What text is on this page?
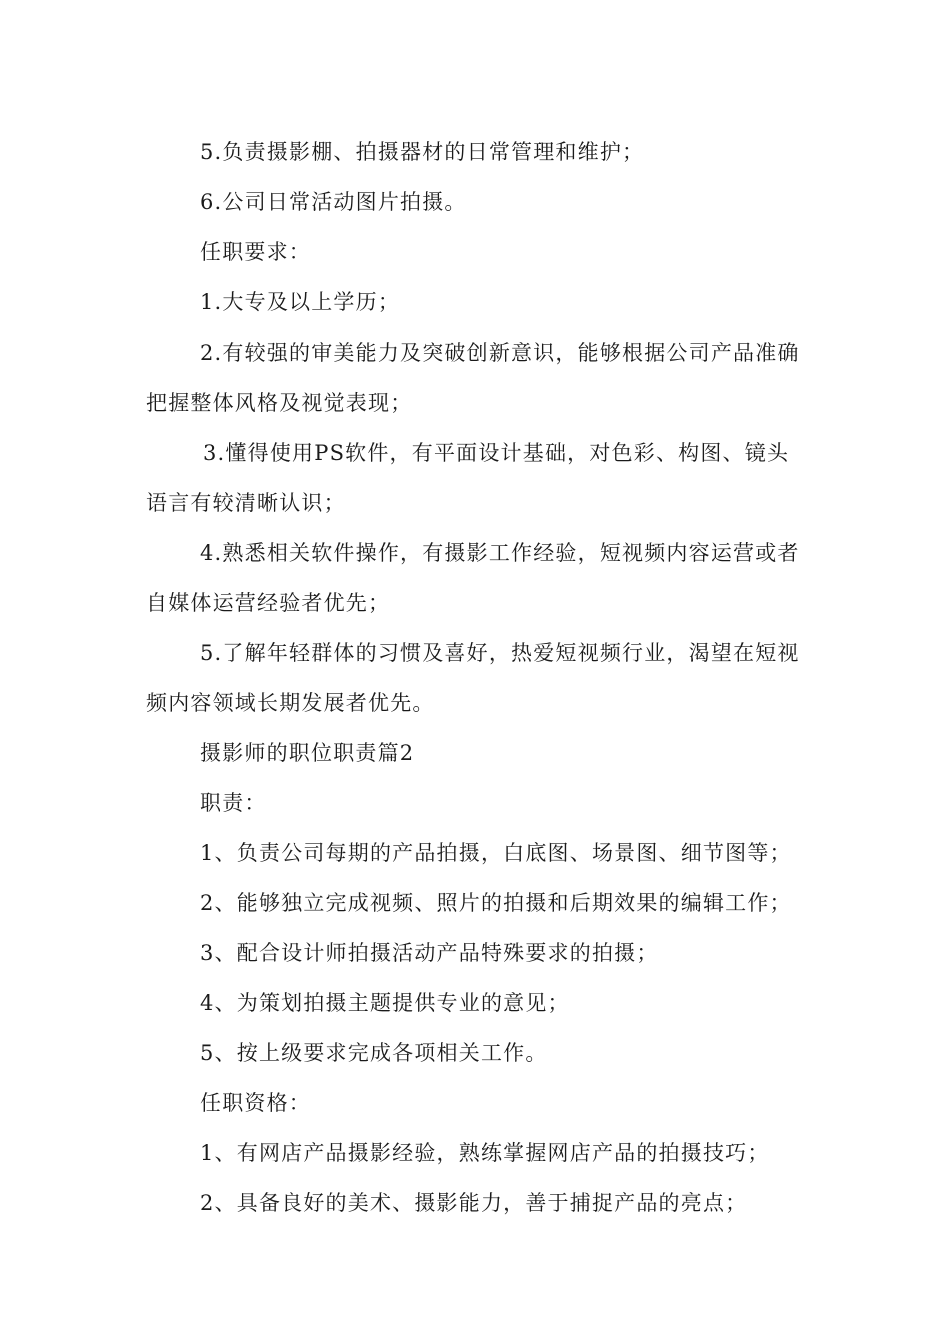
5.负责摄影棚、拍摄器材的日常管理和维护；
6.公司日常活动图片拍摄。
任职要求：
1.大专及以上学历；
2.有较强的审美能力及突破创新意识，能够根据公司产品准确
把握整体风格及视觉表现；
3.懂得使用PS软件，有平面设计基础，对色彩、构图、镜头
语言有较清晰认识；
4.熟悉相关软件操作，有摄影工作经验，短视频内容运营或者
自媒体运营经验者优先；
5.了解年轻群体的习惯及喜好，热爱短视频行业，渴望在短视
频内容领域长期发展者优先。
摄影师的职位职责篇2
职责：
1、负责公司每期的产品拍摄，白底图、场景图、细节图等；
2、能够独立完成视频、照片的拍摄和后期效果的编辑工作；
3、配合设计师拍摄活动产品特殊要求的拍摄；
4、为策划拍摄主题提供专业的意见；
5、按上级要求完成各项相关工作。
任职资格：
1、有网店产品摄影经验，熟练掌握网店产品的拍摄技巧；
2、具备良好的美术、摄影能力，善于捕捉产品的亮点；
